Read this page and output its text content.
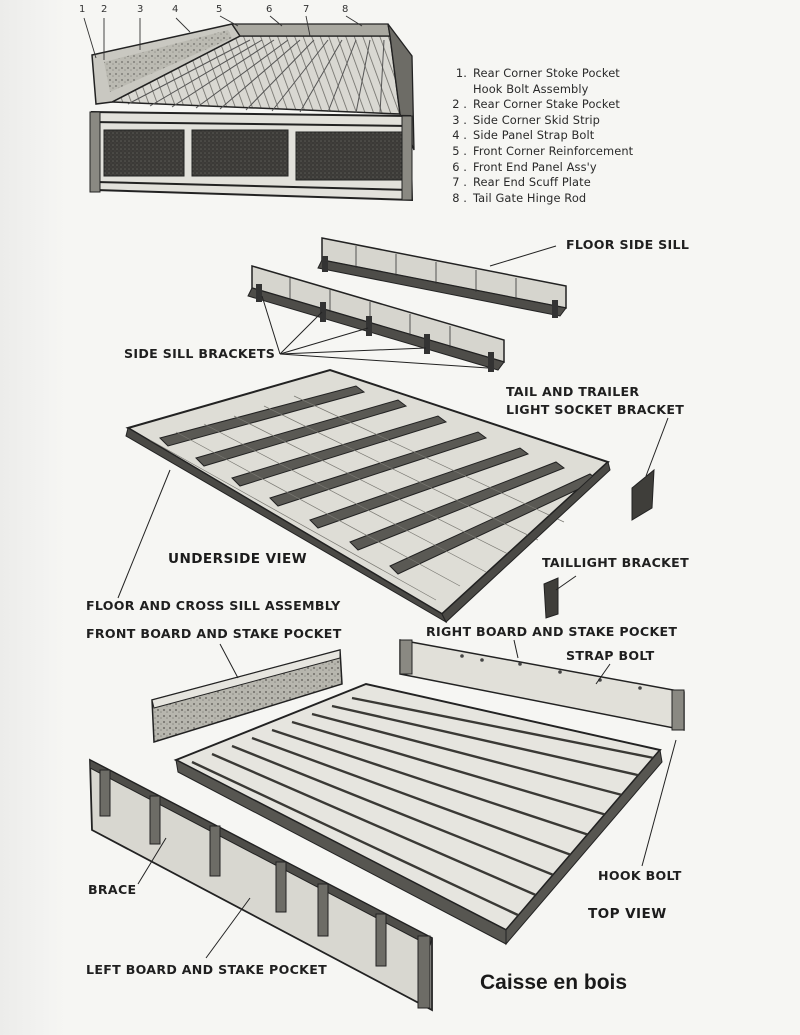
1 2	3	4	5	6	7	8
1. Rear Corner Stoke Pocket
Hook Bolt Assembly
2 . Rear Corner Stake Pocket
3 . Side Corner Skid Strip
4 . Side Panel Strap Bolt
5 . Front Corner Reinforcement
6 . Front End Panel Ass'y
7 . Rear End Scuff Plate
8 . Tail Gate Hinge Rod
FLOOR SIDE SILL
SIDE SILL BRACKETS
TAIL AND TRAILER
LIGHT SOCKET BRACKET
UNDERSIDE VIEW	TAILLIGHT BRACKET
FLOOR AND CROSS SILL ASSEMBLY
FRONT BOARD AND STAKE POCKET	RIGHT BOARD AND STAKE POCKET
STRAP BOLT
BRACE
HOOK BOLT
TOP VIEW
LEFT BOARD AND STAKE POCKET
Caisse en bois
